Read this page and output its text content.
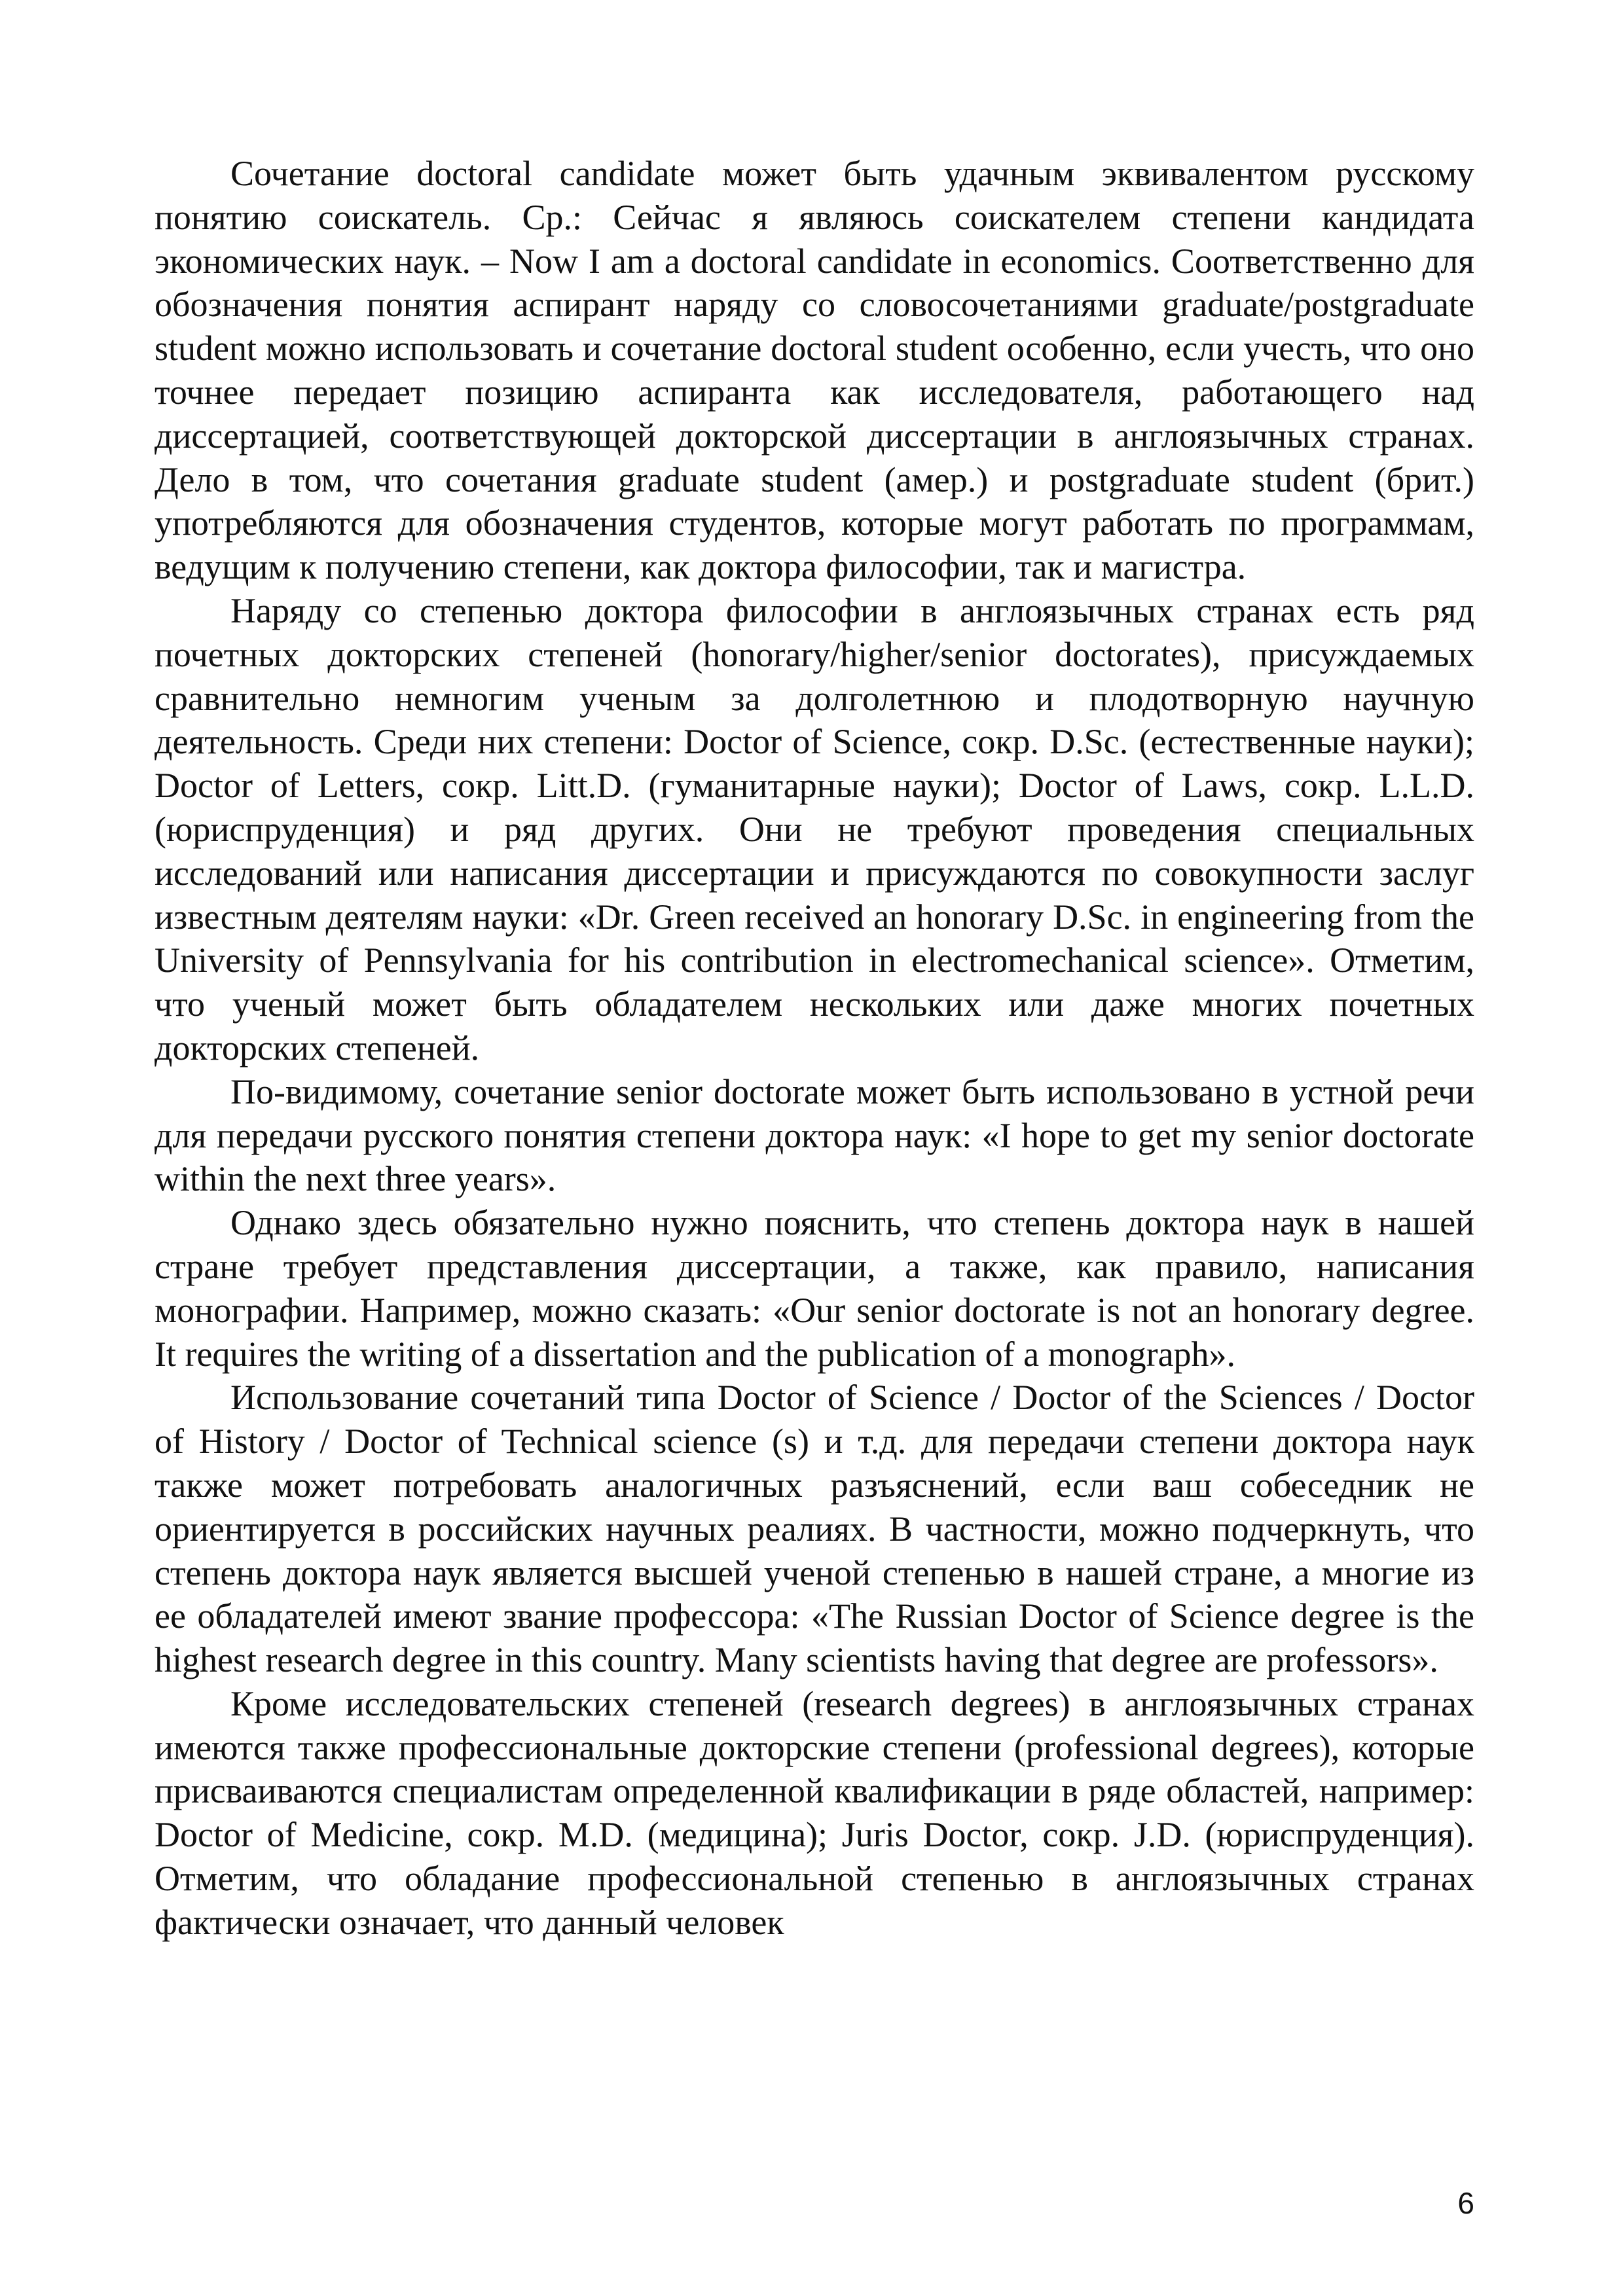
Сочетание doctoral candidate может быть удачным эквивалентом русскому понятию соискатель. Ср.: Сейчас я являюсь соискателем степени кандидата экономических наук. – Now I am a doctoral candidate in economics. Соответственно для обозначения понятия аспирант наряду со словосочетаниями graduate/postgraduate student можно использовать и сочетание doctoral student особенно, если учесть, что оно точнее передает позицию аспиранта как исследователя, работающего над диссертацией, соответствующей докторской диссертации в англоязычных странах. Дело в том, что сочетания graduate student (амер.) и postgraduate student (брит.) употребляются для обозначения студентов, которые могут работать по программам, ведущим к получению степени, как доктора философии, так и магистра.

Наряду со степенью доктора философии в англоязычных странах есть ряд почетных докторских степеней (honorary/higher/senior doctorates), присуждаемых сравнительно немногим ученым за долголетнюю и плодотворную научную деятельность. Среди них степени: Doctor of Science, сокр. D.Sc. (естественные науки); Doctor of Letters, сокр. Litt.D. (гуманитарные науки); Doctor of Laws, сокр. L.L.D. (юриспруденция) и ряд других. Они не требуют проведения специальных исследований или написания диссертации и присуждаются по совокупности заслуг известным деятелям науки: «Dr. Green received an honorary D.Sc. in engineering from the University of Pennsylvania for his contribution in electromechanical science». Отметим, что ученый может быть обладателем нескольких или даже многих почетных докторских степеней.

По-видимому, сочетание senior doctorate может быть использовано в устной речи для передачи русского понятия степени доктора наук: «I hope to get my senior doctorate within the next three years».

Однако здесь обязательно нужно пояснить, что степень доктора наук в нашей стране требует представления диссертации, а также, как правило, написания монографии. Например, можно сказать: «Our senior doctorate is not an honorary degree. It requires the writing of a dissertation and the publication of a monograph».

Использование сочетаний типа Doctor of Science / Doctor of the Sciences / Doctor of History / Doctor of Technical science (s) и т.д. для передачи степени доктора наук также может потребовать аналогичных разъяснений, если ваш собеседник не ориентируется в российских научных реалиях. В частности, можно подчеркнуть, что степень доктора наук является высшей ученой степенью в нашей стране, а многие из ее обладателей имеют звание профессора: «The Russian Doctor of Science degree is the highest research degree in this country. Many scientists having that degree are professors».

Кроме исследовательских степеней (research degrees) в англоязычных странах имеются также профессиональные докторские степени (professional degrees), которые присваиваются специалистам определенной квалификации в ряде областей, например: Doctor of Medicine, сокр. M.D. (медицина); Juris Doctor, сокр. J.D. (юриспруденция). Отметим, что обладание профессиональной степенью в англоязычных странах фактически означает, что данный человек

6
